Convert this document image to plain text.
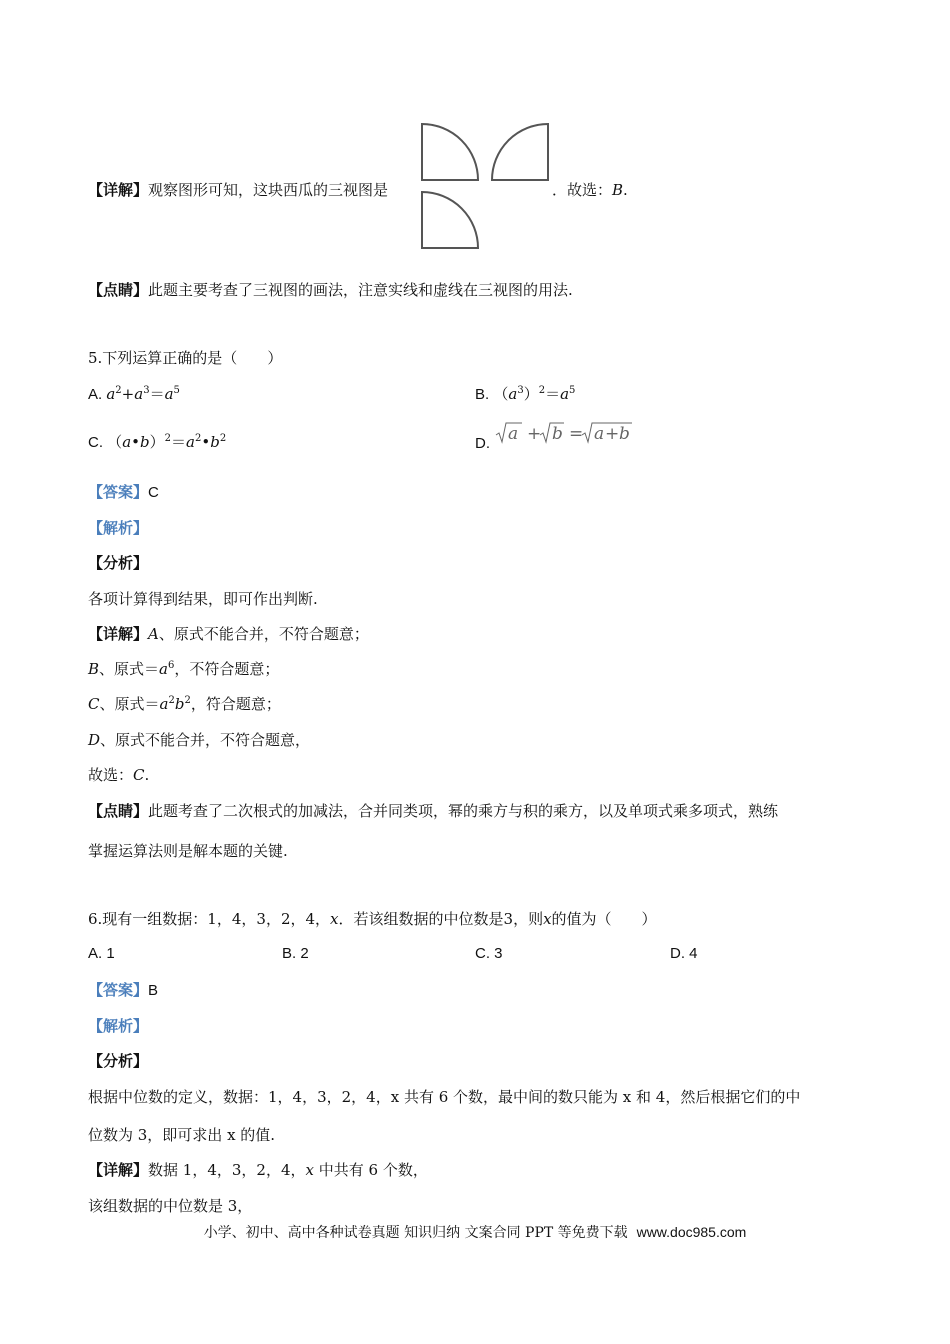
【详解】观察图形可知，这块西瓜的三视图是	．故选：B.
【点睛】此题主要考查了三视图的画法，注意实线和虚线在三视图的用法.
5.下列运算正确的是（　　）
A. $a^2+a^3=a^5$	B. $(a^3)^2=a^5$
C. $(a•b)^2=a^2•b^2$	D. a + b = a + b
【答案】C
【解析】
【分析】
各项计算得到结果，即可作出判断.
【详解】A、原式不能合并，不符合题意；
B、原式$=a^6$，不符合题意；
C、原式$=a^2b^2$，符合题意；
D、原式不能合并，不符合题意，
故选：C.
【点睛】此题考查了二次根式的加减法，合并同类项，幂的乘方与积的乘方，以及单项式乘多项式，熟练
掌握运算法则是解本题的关键.
6.现有一组数据：1，4，3，2，4，x．若该组数据的中位数是3，则x的值为（　　）
A. 1	B. 2	C. 3	D. 4
【答案】B
【解析】
【分析】
根据中位数的定义，数据：1，4，3，2，4，x 共有 6 个数，最中间的数只能为 x 和 4，然后根据它们的中
位数为 3，即可求出 x 的值.
【详解】数据 1，4，3，2，4，x 中共有 6 个数，
该组数据的中位数是 3，
小学、初中、高中各种试卷真题 知识归纳 文案合同 PPT 等免费下载 www.doc985.com
